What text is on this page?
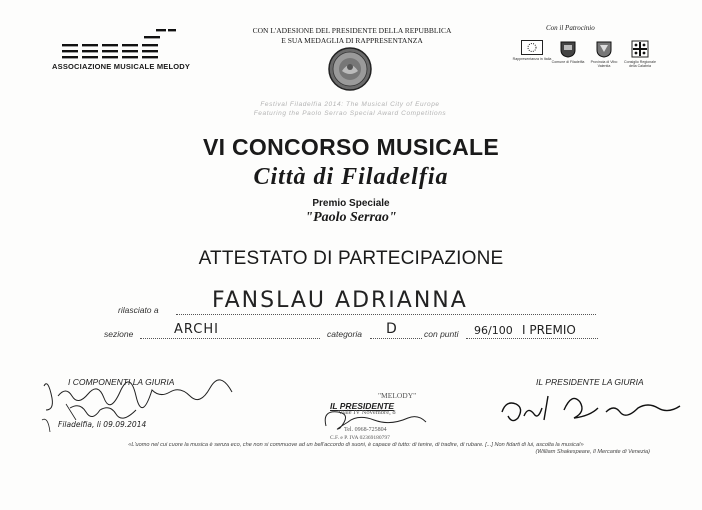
ASSOCIAZIONE MUSICALE MELODY
CON L'ADESIONE DEL PRESIDENTE DELLA REPUBBLICA
E SUA MEDAGLIA DI RAPPRESENTANZA
Con il Patrocinio
Rappresentanza in Italia
Comune di Filadelfia	Provincia di Vibo Valentia
Consiglio Regionale della Calabria
Festival Filadelfia 2014: The Musical City of Europe
Featuring the Paolo Serrao Special Award Competitions
VI CONCORSO MUSICALE
Città di Filadelfia
Premio Speciale
"Paolo Serrao"
ATTESTATO DI PARTECIPAZIONE
rilasciato a FANSLAU ADRIANNA
sezione	ARCHI	categoria D	con punti 96/100 I PREMIO
I COMPONENTI LA GIURIA
Filadelfia, li 09.09.2014
IL PRESIDENTE
"MELODY"
Viale IV Novembre, 8
Tel. 0968-725804
C.F. e P. IVA 02369180797
IL PRESIDENTE LA GIURIA
«L'uomo nel cui cuore la musica è senza eco, che non si commuove ad un bell'accordo di suoni, è capace di tutto: di tenire, di tradire, di rubare. [...] Non fidarti di lui, ascolta la musica!»
(William Shakespeare, Il Mercante di Venezia)
